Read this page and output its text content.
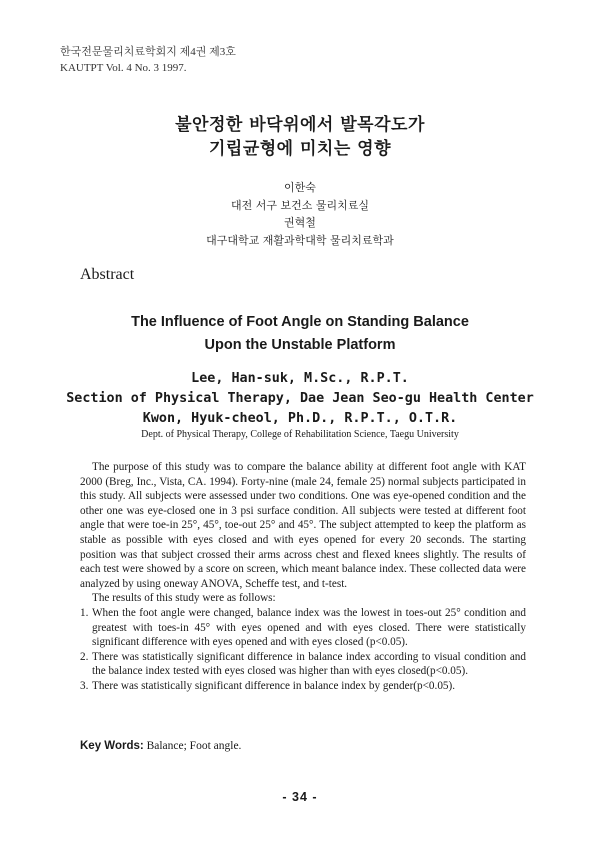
한국전문물리치료학회지 제4권 제3호
KAUTPT Vol. 4 No. 3 1997.
불안정한 바닥위에서 발목각도가
기립균형에 미치는 영향
이한숙
대전 서구 보건소 물리치료실
권혁철
대구대학교 재활과학대학 물리치료학과
Abstract
The Influence of Foot Angle on Standing Balance
Upon the Unstable Platform
Lee, Han-suk, M.Sc., R.P.T.
Section of Physical Therapy, Dae Jean Seo-gu Health Center
Kwon, Hyuk-cheol, Ph.D., R.P.T., O.T.R.
Dept. of Physical Therapy, College of Rehabilitation Science, Taegu University

The purpose of this study was to compare the balance ability at different foot angle with KAT 2000 (Breg, Inc., Vista, CA. 1994). Forty-nine (male 24, female 25) normal subjects participated in this study. All subjects were assessed under two conditions. One was eye-opened condition and the other one was eye-closed one in 3 psi surface condition. All subjects were tested at different foot angle that were toe-in 25°, 45°, toe-out 25° and 45°. The subject attempted to keep the platform as stable as possible with eyes closed and with eyes opened for every 20 seconds. The starting position was that subject crossed their arms across chest and flexed knees slightly. The results of each test were showed by a score on screen, which meant balance index. These collected data were analyzed by using oneway ANOVA, Scheffe test, and t-test.

The results of this study were as follows:

1. When the foot angle were changed, balance index was the lowest in toes-out 25° condition and greatest with toes-in 45° with eyes opened and with eyes closed. There were statistically significant difference with eyes opened and with eyes closed (p<0.05).
2. There was statistically significant difference in balance index according to visual condition and the balance index tested with eyes closed was higher than with eyes closed(p<0.05).
3. There was statistically significant difference in balance index by gender(p<0.05).
Key Words: Balance; Foot angle.
- 34 -
